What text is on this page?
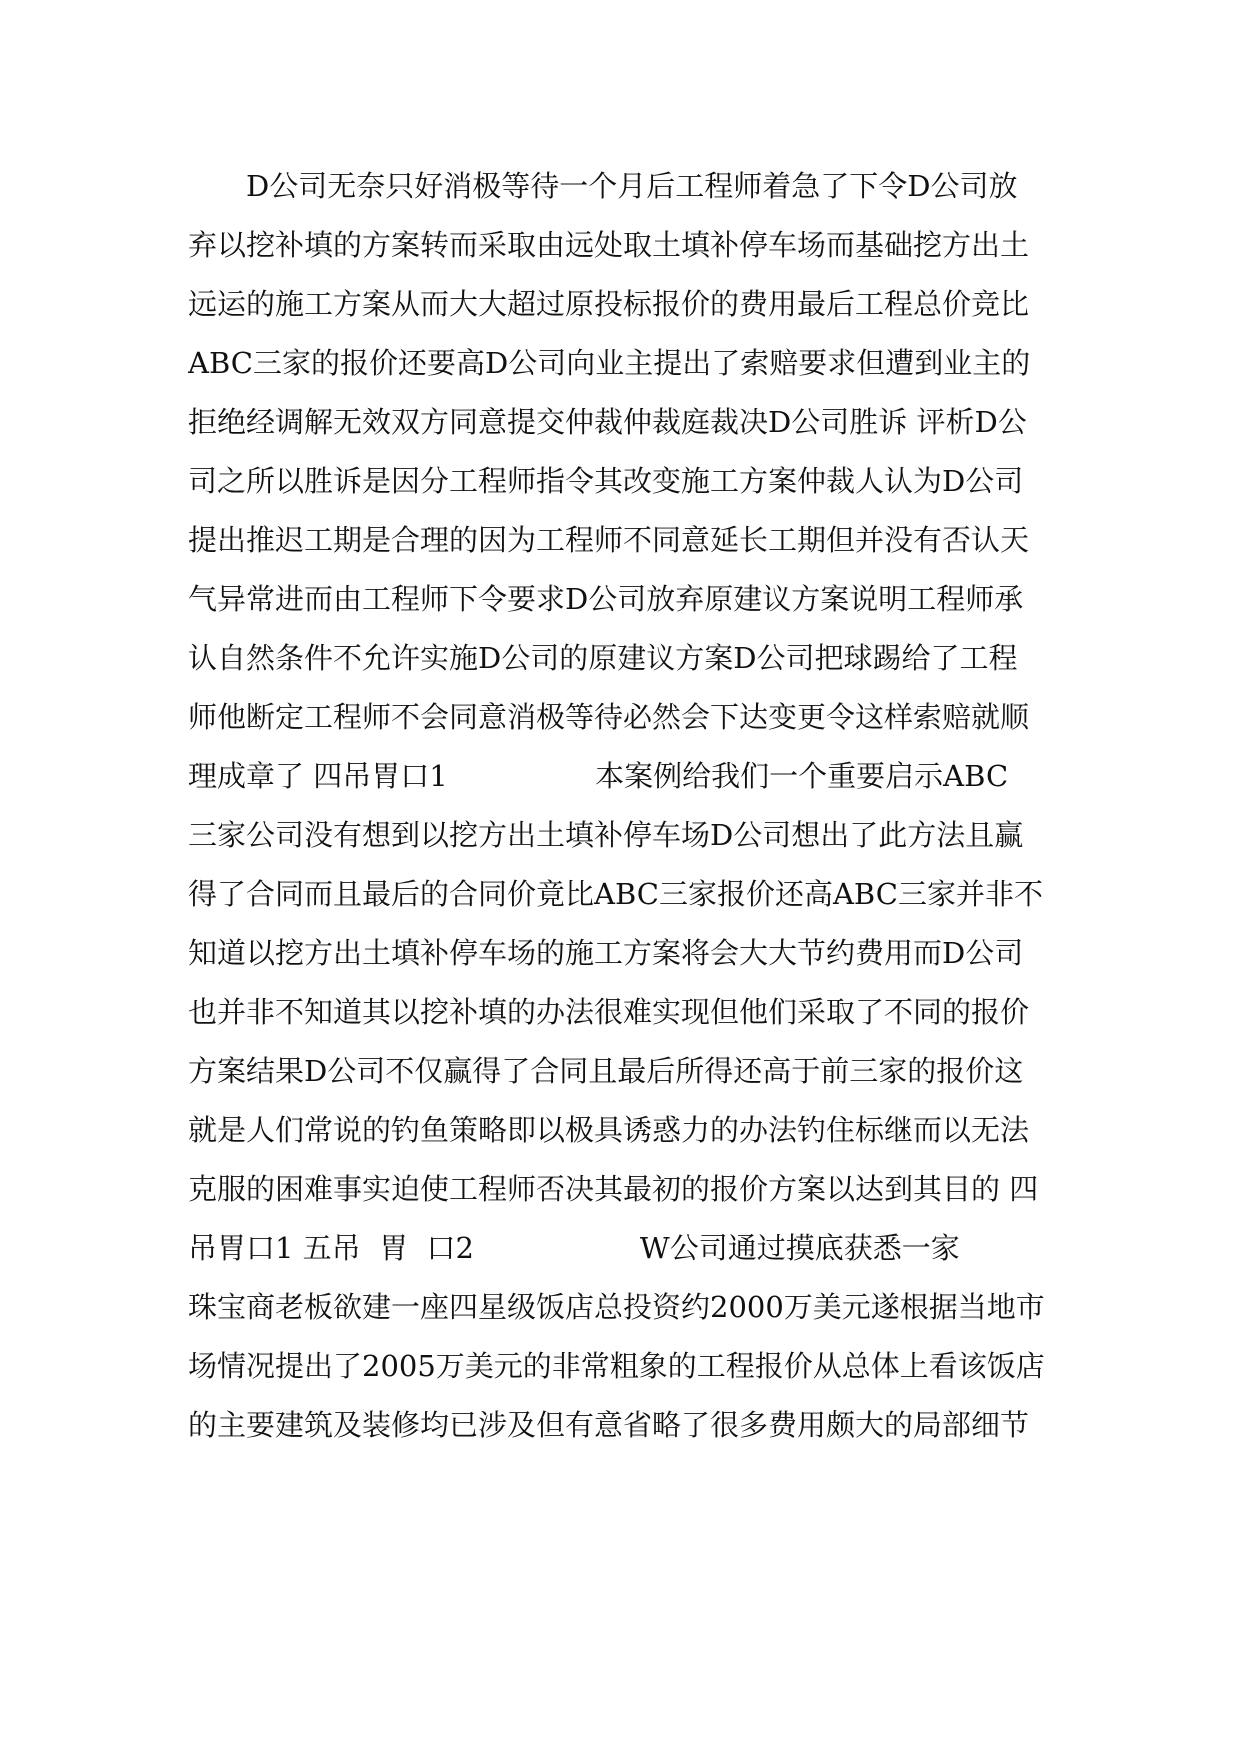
　　D公司无奈只好消极等待一个月后工程师着急了下令D公司放
弃以挖补填的方案转而采取由远处取土填补停车场而基础挖方出土
远运的施工方案从而大大超过原投标报价的费用最后工程总价竞比
ABC三家的报价还要高D公司向业主提出了索赔要求但遭到业主的
拒绝经调解无效双方同意提交仲裁仲裁庭裁决D公司胜诉 评析D公
司之所以胜诉是因分工程师指令其改变施工方案仲裁人认为D公司
提出推迟工期是合理的因为工程师不同意延长工期但并没有否认天
气异常进而由工程师下令要求D公司放弃原建议方案说明工程师承
认自然条件不允许实施D公司的原建议方案D公司把球踢给了工程
师他断定工程师不会同意消极等待必然会下达变更令这样索赔就顺
理成章了 四吊胃口1                本案例给我们一个重要启示ABC
三家公司没有想到以挖方出土填补停车场D公司想出了此方法且赢
得了合同而且最后的合同价竟比ABC三家报价还高ABC三家并非不
知道以挖方出土填补停车场的施工方案将会大大节约费用而D公司
也并非不知道其以挖补填的办法很难实现但他们采取了不同的报价
方案结果D公司不仅赢得了合同且最后所得还高于前三家的报价这
就是人们常说的钓鱼策略即以极具诱惑力的办法钓住标继而以无法
克服的困难事实迫使工程师否决其最初的报价方案以达到其目的 四
吊胃口1 五吊  胃  口2                  W公司通过摸底获悉一家
珠宝商老板欲建一座四星级饭店总投资约2000万美元遂根据当地市
场情况提出了2005万美元的非常粗象的工程报价从总体上看该饭店
的主要建筑及装修均已涉及但有意省略了很多费用颇大的局部细节
